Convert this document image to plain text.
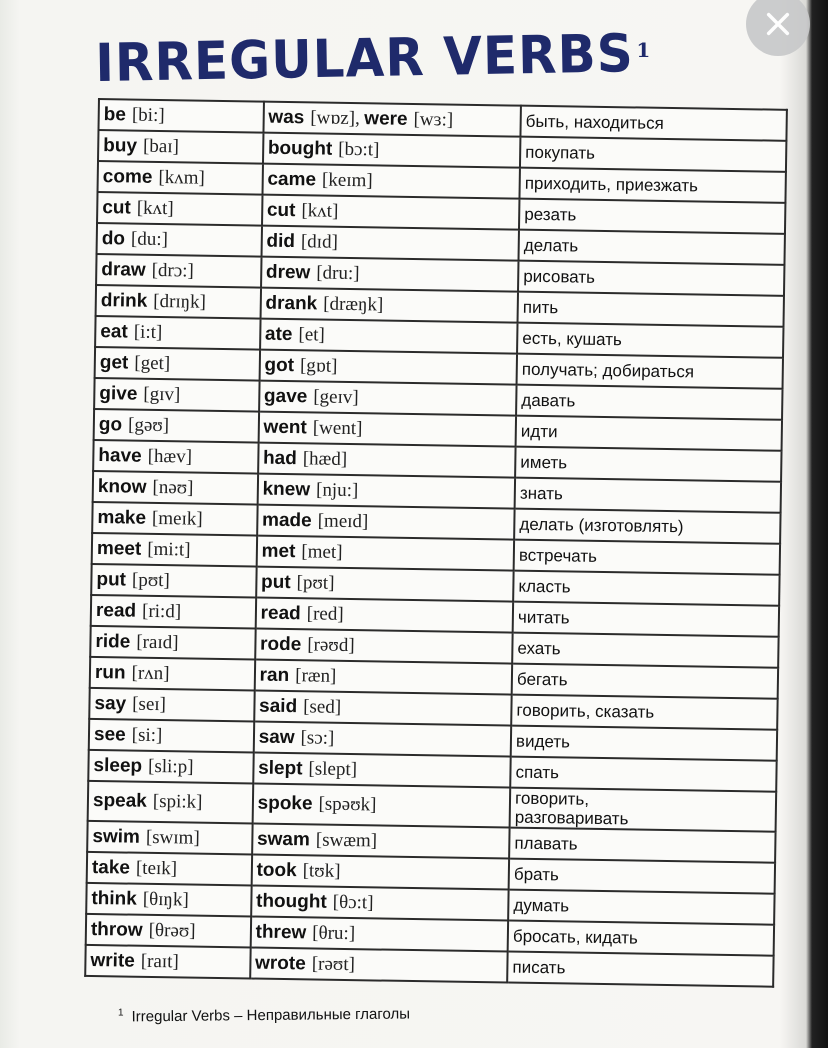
IRREGULAR VERBS 1
be [bi:]	was [wɒz], were [wɜ:]	быть, находиться
buy [baɪ]	bought [bɔ:t]	покупать
come [kʌm]	came [keɪm]	приходить, приезжать
cut [kʌt]	cut [kʌt]	резать
do [du:]	did [dɪd]	делать
draw [drɔ:]	drew [dru:]	рисовать
drink [drɪŋk]	drank [dræŋk]	пить
eat [i:t]	ate [et]	есть, кушать
get [get]	got [gɒt]	получать; добираться
give [gɪv]	gave [geɪv]	давать
go [gəʊ]	went [went]	идти
have [hæv]	had [hæd]	иметь
know [nəʊ]	knew [nju:]	знать
make [meɪk]	made [meɪd]	делать (изготовлять)
meet [mi:t]	met [met]	встречать
put [pʊt]	put [pʊt]	класть
read [ri:d]	read [red]	читать
ride [raɪd]	rode [rəʊd]	ехать
run [rʌn]	ran [ræn]	бегать
say [seɪ]	said [sed]	говорить, сказать
see [si:]	saw [sɔ:]	видеть
sleep [sli:p]	slept [slept]	спать
speak [spi:k]	spoke [spəʊk]	говорить,
разговаривать

swim [swɪm]	swam [swæm]	плавать
take [teɪk]	took [tʊk]	брать
think [θɪŋk]	thought [θɔ:t]	думать
throw [θrəʊ]	threw [θru:]	бросать, кидать
write [raɪt]	wrote [rəʊt]	писать
$^1$ Irregular Verbs – Неправильные глаголы
